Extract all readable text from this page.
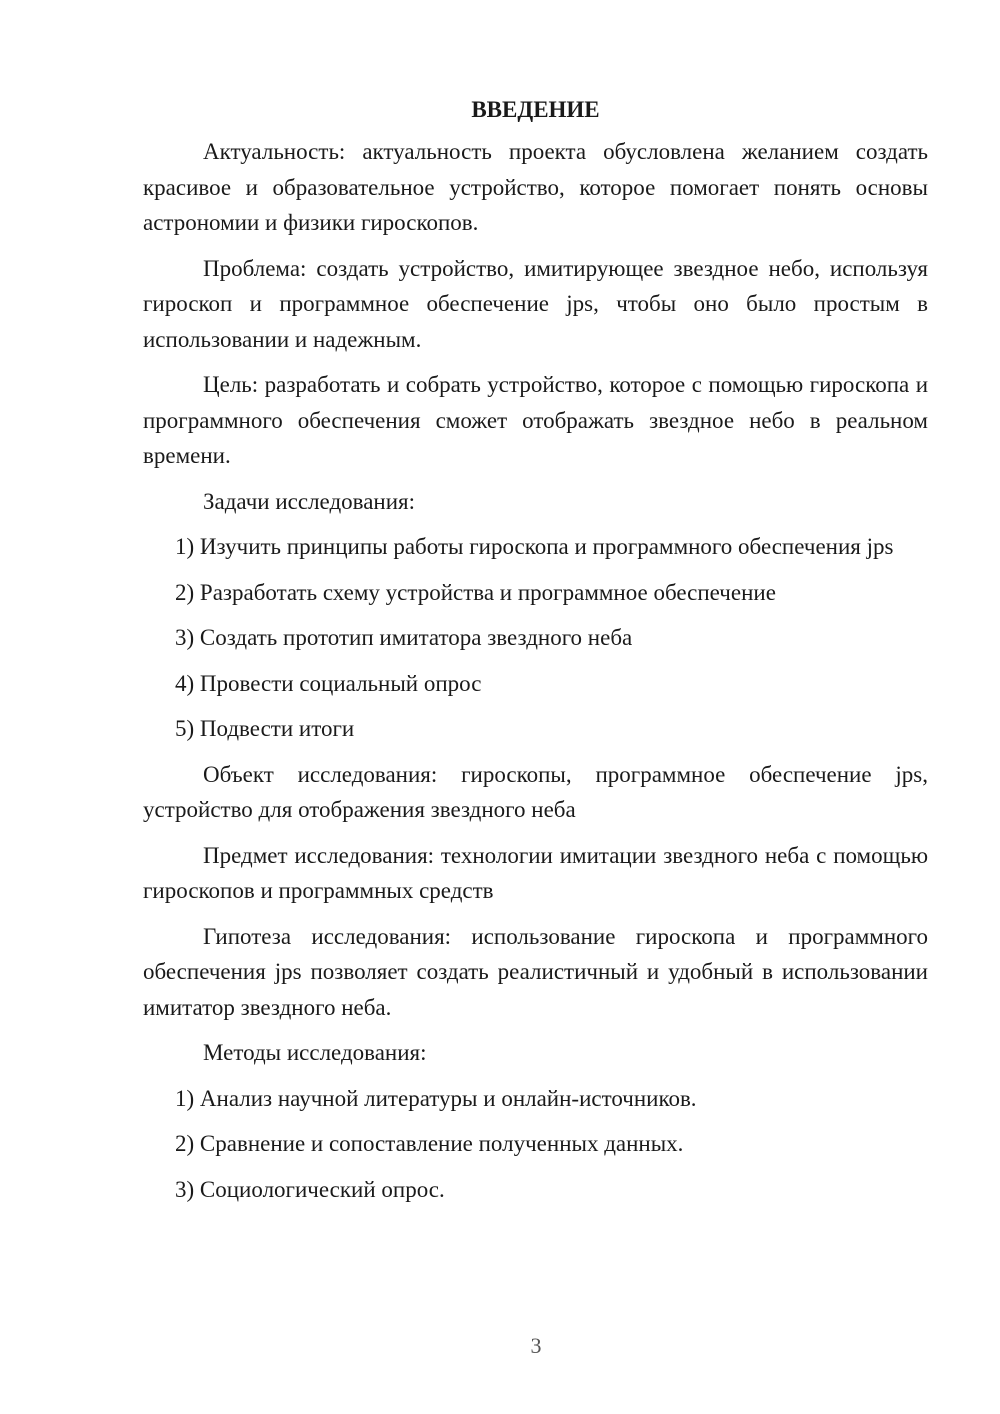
ВВЕДЕНИЕ

Актуальность: актуальность проекта обусловлена желанием создать красивое и образовательное устройство, которое помогает понять основы астрономии и физики гироскопов.

Проблема: создать устройство, имитирующее звездное небо, используя гироскоп и программное обеспечение jps, чтобы оно было простым в использовании и надежным.

Цель: разработать и собрать устройство, которое с помощью гироскопа и программного обеспечения сможет отображать звездное небо в реальном времени.

Задачи исследования:

1) Изучить принципы работы гироскопа и программного обеспечения jps

2) Разработать схему устройства и программное обеспечение

3) Создать прототип имитатора звездного неба

4) Провести социальный опрос

5) Подвести итоги

Объект исследования: гироскопы, программное обеспечение jps, устройство для отображения звездного неба

Предмет исследования: технологии имитации звездного неба с помощью гироскопов и программных средств

Гипотеза исследования: использование гироскопа и программного обеспечения jps позволяет создать реалистичный и удобный в использовании имитатор звездного неба.

Методы исследования:

1) Анализ научной литературы и онлайн-источников.

2) Сравнение и сопоставление полученных данных.

3) Социологический опрос.

3
